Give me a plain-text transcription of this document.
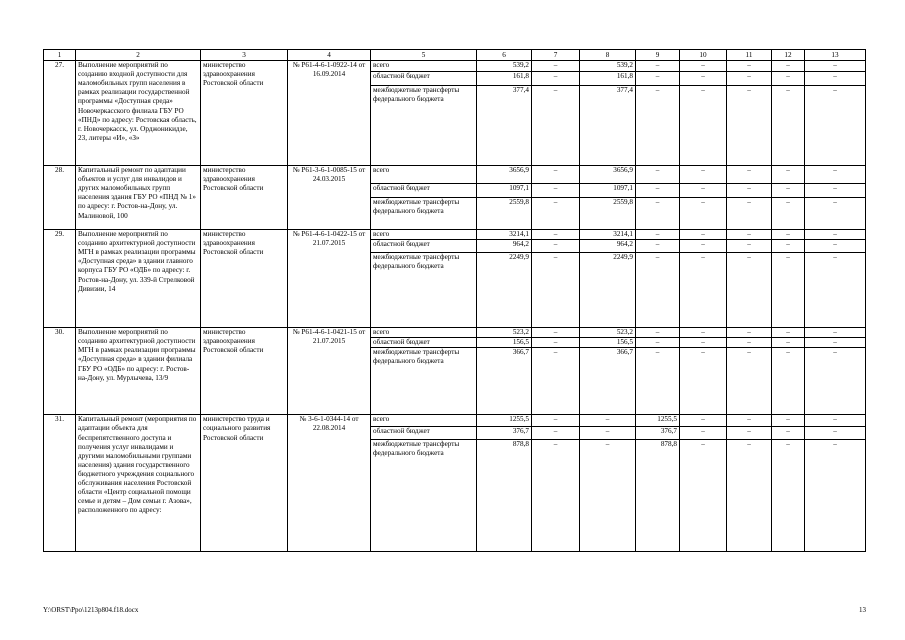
1	2	3	4	5	6	7	8	9	10	11	12	13
27.	Выполнение мероприятий по созданию входной доступности для маломобильных групп населения в рамках реализации государственной программы «Доступная среда» Новочеркасского филиала ГБУ РО «ПНД» по адресу: Ростовская область, г. Новочеркасск, ул. Орджоникидзе, 23, литеры «И», «З»	министерство здравоохранения Ростовской области	№ Р61-4-6-1-0922-14 от 16.09.2014	всего	539,2	–	539,2	–	–	–	–	–
				областной бюджет	161,8	–	161,8	–	–	–	–	–
				межбюджетные трансферты федерального бюджета	377,4	–	377,4	–	–	–	–	–
28.	Капитальный ремонт по адаптации объектов и услуг для инвалидов и других маломобильных групп населения здания ГБУ РО «ПНД № 1» по адресу: г. Ростов-на-Дону, ул. Малиновой, 100	министерство здравоохранения Ростовской области	№ Р61-3-6-1-0085-15 от 24.03.2015	всего	3656,9	–	3656,9	–	–	–	–	–
				областной бюджет	1097,1	–	1097,1	–	–	–	–	–
				межбюджетные трансферты федерального бюджета	2559,8	–	2559,8	–	–	–	–	–
29.	Выполнение мероприятий по созданию архитектурной доступности МГН в рамках реализации программы «Доступная среда» в здании главного корпуса ГБУ РО «ОДБ» по адресу: г. Ростов-на-Дону, ул. 339-й Стрелковой Дивизии, 14	министерство здравоохранения Ростовской области	№ Р61-4-6-1-0422-15 от 21.07.2015	всего	3214,1	–	3214,1	–	–	–	–	–
				областной бюджет	964,2	–	964,2	–	–	–	–	–
				межбюджетные трансферты федерального бюджета	2249,9	–	2249,9	–	–	–	–	–
30.	Выполнение мероприятий по созданию архитектурной доступности МГН в рамках реализации программы «Доступная среда» в здании филиала ГБУ РО «ОДБ» по адресу: г. Ростов-на-Дону, ул. Мурлычева, 13/9	министерство здравоохранения Ростовской области	№ Р61-4-6-1-0421-15 от 21.07.2015	всего	523,2	–	523,2	–	–	–	–	–
				областной бюджет	156,5	–	156,5	–	–	–	–	–
				межбюджетные трансферты федерального бюджета	366,7	–	366,7	–	–	–	–	–
31.	Капитальный ремонт (мероприятия по адаптации объекта для беспрепятственного доступа и получения услуг инвалидами и другими маломобильными группами населения) здания государственного бюджетного учреждения социального обслуживания населения Ростовской области «Центр социальной помощи семье и детям – Дом семьи г. Азова», расположенного по адресу:	министерство труда и социального развития Ростовской области	№ 3-6-1-0344-14 от 22.08.2014	всего	1255,5	–	–	1255,5	–	–	–	–
				областной бюджет	376,7	–	–	376,7	–	–	–	–
				межбюджетные трансферты федерального бюджета	878,8	–	–	878,8	–	–	–	–
Y:\ORST\Ppo\1213p804.f18.docx	13
